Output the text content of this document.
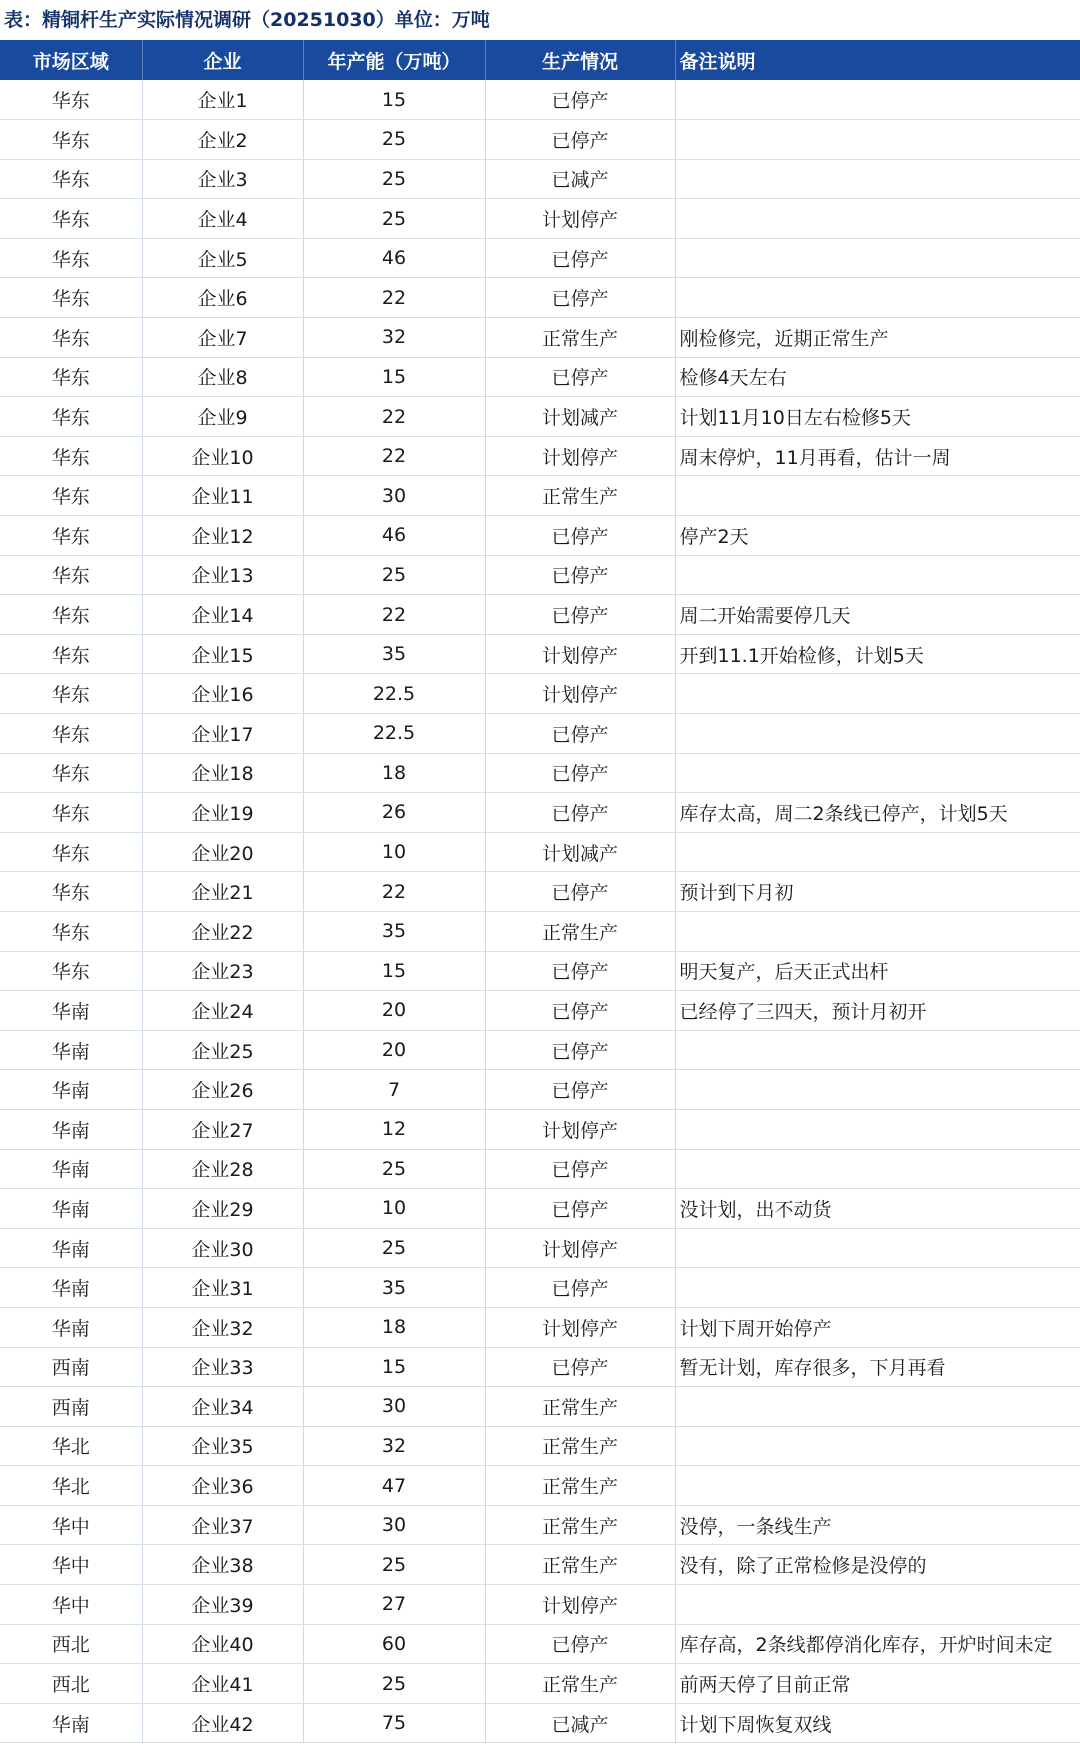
表：精铜杆生产实际情况调研（20251030）单位：万吨
市场区域	企业	年产能（万吨）	生产情况	备注说明
华东	企业1	15	已停产	
华东	企业2	25	已停产	
华东	企业3	25	已减产	
华东	企业4	25	计划停产	
华东	企业5	46	已停产	
华东	企业6	22	已停产	
华东	企业7	32	正常生产	刚检修完，近期正常生产
华东	企业8	15	已停产	检修4天左右
华东	企业9	22	计划减产	计划11月10日左右检修5天
华东	企业10	22	计划停产	周末停炉，11月再看，估计一周
华东	企业11	30	正常生产	
华东	企业12	46	已停产	停产2天
华东	企业13	25	已停产	
华东	企业14	22	已停产	周二开始需要停几天
华东	企业15	35	计划停产	开到11.1开始检修，计划5天
华东	企业16	22.5	计划停产	
华东	企业17	22.5	已停产	
华东	企业18	18	已停产	
华东	企业19	26	已停产	库存太高，周二2条线已停产，计划5天
华东	企业20	10	计划减产	
华东	企业21	22	已停产	预计到下月初
华东	企业22	35	正常生产	
华东	企业23	15	已停产	明天复产，后天正式出杆
华南	企业24	20	已停产	已经停了三四天，预计月初开
华南	企业25	20	已停产	
华南	企业26	7	已停产	
华南	企业27	12	计划停产	
华南	企业28	25	已停产	
华南	企业29	10	已停产	没计划，出不动货
华南	企业30	25	计划停产	
华南	企业31	35	已停产	
华南	企业32	18	计划停产	计划下周开始停产
西南	企业33	15	已停产	暂无计划，库存很多，下月再看
西南	企业34	30	正常生产	
华北	企业35	32	正常生产	
华北	企业36	47	正常生产	
华中	企业37	30	正常生产	没停，一条线生产
华中	企业38	25	正常生产	没有，除了正常检修是没停的
华中	企业39	27	计划停产	
西北	企业40	60	已停产	库存高，2条线都停消化库存，开炉时间未定
西北	企业41	25	正常生产	前两天停了目前正常
华南	企业42	75	已减产	计划下周恢复双线
